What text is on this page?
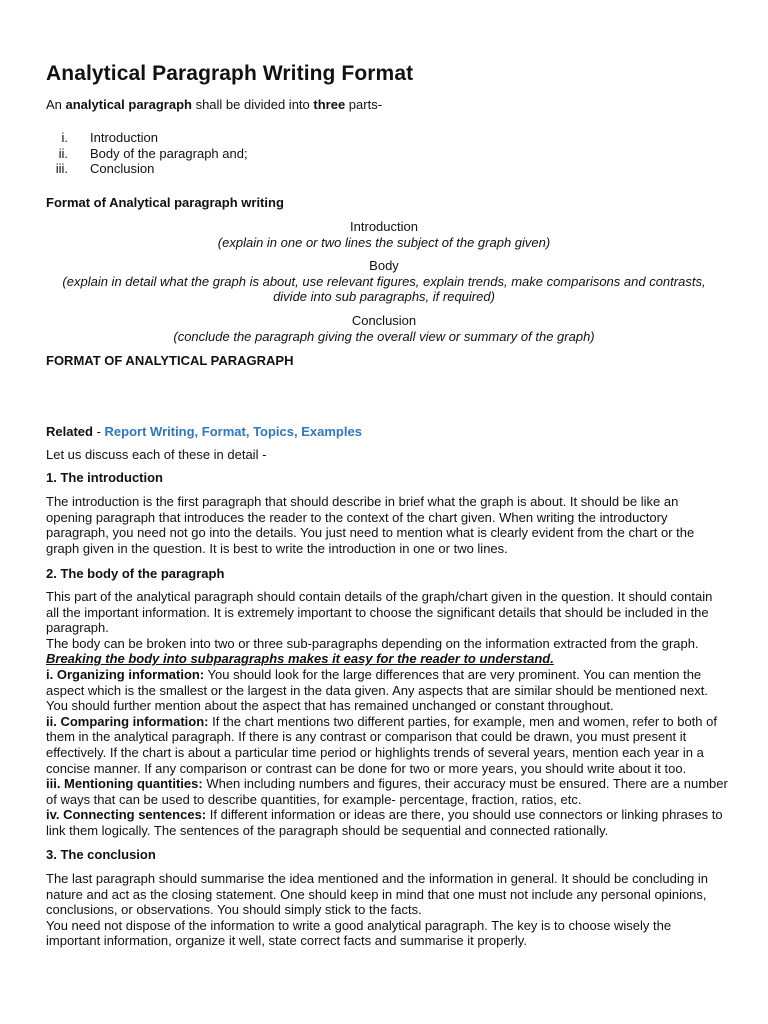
Analytical Paragraph Writing Format

An analytical paragraph shall be divided into three parts-

i. Introduction
ii. Body of the paragraph and;
iii. Conclusion

Format of Analytical paragraph writing

Introduction
(explain in one or two lines the subject of the graph given)
Body
(explain in detail what the graph is about, use relevant figures, explain trends, make comparisons and contrasts, divide into sub paragraphs, if required)
Conclusion
(conclude the paragraph giving the overall view or summary of the graph)

FORMAT OF ANALYTICAL PARAGRAPH

Related - Report Writing, Format, Topics, Examples

Let us discuss each of these in detail -

1. The introduction

The introduction is the first paragraph that should describe in brief what the graph is about. It should be like an opening paragraph that introduces the reader to the context of the chart given. When writing the introductory paragraph, you need not go into the details. You just need to mention what is clearly evident from the chart or the graph given in the question. It is best to write the introduction in one or two lines.

2. The body of the paragraph

This part of the analytical paragraph should contain details of the graph/chart given in the question. It should contain all the important information. It is extremely important to choose the significant details that should be included in the paragraph.
The body can be broken into two or three sub-paragraphs depending on the information extracted from the graph. Breaking the body into subparagraphs makes it easy for the reader to understand.
i. Organizing information: You should look for the large differences that are very prominent. You can mention the aspect which is the smallest or the largest in the data given. Any aspects that are similar should be mentioned next. You should further mention about the aspect that has remained unchanged or constant throughout.
ii. Comparing information: If the chart mentions two different parties, for example, men and women, refer to both of them in the analytical paragraph. If there is any contrast or comparison that could be drawn, you must present it effectively. If the chart is about a particular time period or highlights trends of several years, mention each year in a concise manner. If any comparison or contrast can be done for two or more years, you should write about it too.
iii. Mentioning quantities: When including numbers and figures, their accuracy must be ensured. There are a number of ways that can be used to describe quantities, for example- percentage, fraction, ratios, etc.
iv. Connecting sentences: If different information or ideas are there, you should use connectors or linking phrases to link them logically. The sentences of the paragraph should be sequential and connected rationally.

3. The conclusion

The last paragraph should summarise the idea mentioned and the information in general. It should be concluding in nature and act as the closing statement. One should keep in mind that one must not include any personal opinions, conclusions, or observations. You should simply stick to the facts.
You need not dispose of the information to write a good analytical paragraph. The key is to choose wisely the important information, organize it well, state correct facts and summarise it properly.
